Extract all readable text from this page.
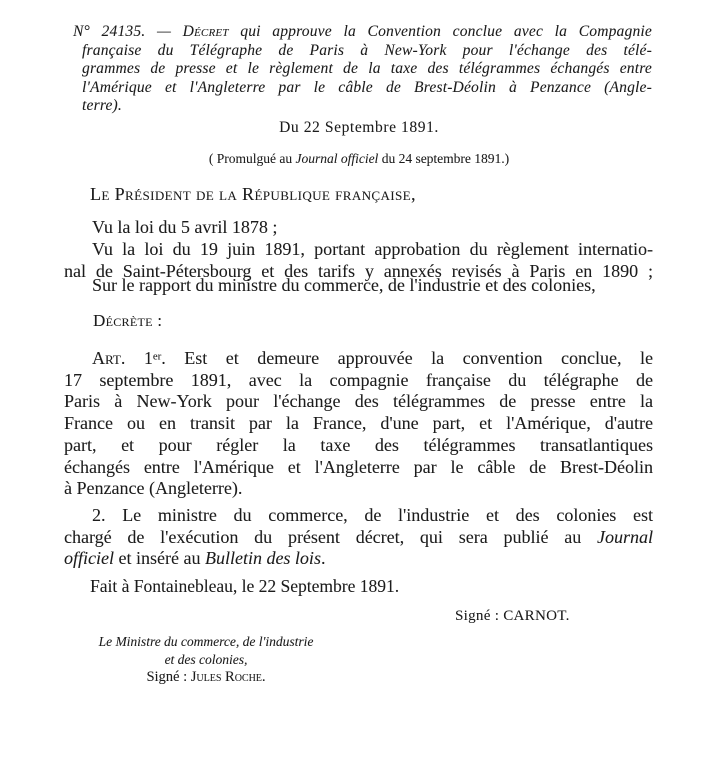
N° 24135. — Décret qui approuve la Convention conclue avec la Compagnie
française du Télégraphe de Paris à New-York pour l'échange des télé-
grammes de presse et le règlement de la taxe des télégrammes échangés entre
l'Amérique et l'Angleterre par le câble de Brest-Déolin à Penzance (Angle-
terre).
Du 22 Septembre 1891.
( Promulgué au Journal officiel du 24 septembre 1891.)
Le Président de la République française,
Vu la loi du 5 avril 1878 ;
Vu la loi du 19 juin 1891, portant approbation du règlement internatio-
nal de Saint-Pétersbourg et des tarifs y annexés revisés à Paris en 1890 ;
Sur le rapport du ministre du commerce, de l'industrie et des colonies,
Décrète :
Art. 1er. Est et demeure approuvée la convention conclue, le
17 septembre 1891, avec la compagnie française du télégraphe de
Paris à New-York pour l'échange des télégrammes de presse entre la
France ou en transit par la France, d'une part, et l'Amérique, d'autre
part, et pour régler la taxe des télégrammes transatlantiques
échangés entre l'Amérique et l'Angleterre par le câble de Brest-Déolin
à Penzance (Angleterre).
2. Le ministre du commerce, de l'industrie et des colonies est
chargé de l'exécution du présent décret, qui sera publié au Journal
officiel et inséré au Bulletin des lois.
Fait à Fontainebleau, le 22 Septembre 1891.
Signé : CARNOT.
Le Ministre du commerce, de l'industrie
et des colonies,
Signé : Jules Roche.
